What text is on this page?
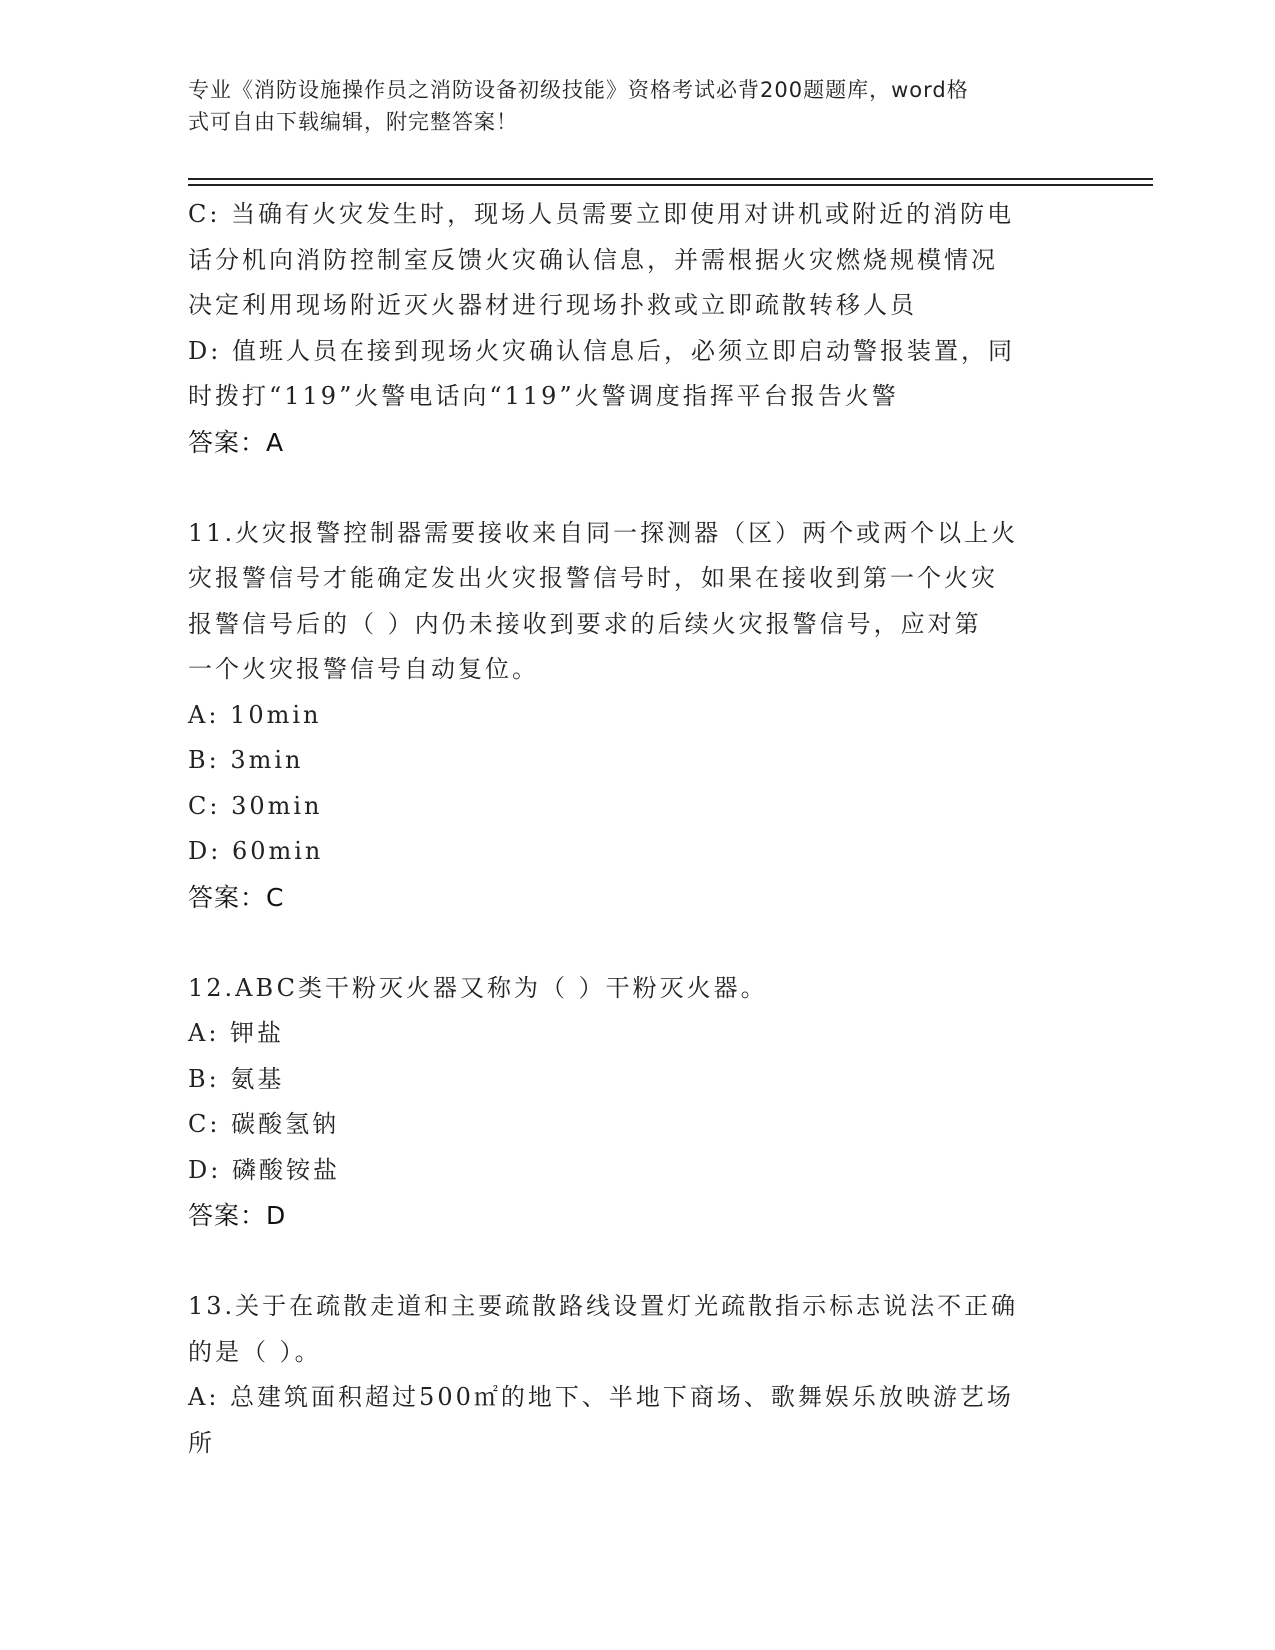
专业《消防设施操作员之消防设备初级技能》资格考试必背200题题库，word格
式可自由下载编辑，附完整答案！
C: 当确有火灾发生时，现场人员需要立即使用对讲机或附近的消防电
话分机向消防控制室反馈火灾确认信息，并需根据火灾燃烧规模情况
决定利用现场附近灭火器材进行现场扑救或立即疏散转移人员
D: 值班人员在接到现场火灾确认信息后，必须立即启动警报装置，同
时拨打“119”火警电话向“119”火警调度指挥平台报告火警
答案：A
11.火灾报警控制器需要接收来自同一探测器（区）两个或两个以上火
灾报警信号才能确定发出火灾报警信号时，如果在接收到第一个火灾
报警信号后的（ ）内仍未接收到要求的后续火灾报警信号，应对第
一个火灾报警信号自动复位。
A: 10min
B: 3min
C: 30min
D: 60min
答案：C
12.ABC类干粉灭火器又称为（ ）干粉灭火器。
A: 钾盐
B: 氨基
C: 碳酸氢钠
D: 磷酸铵盐
答案：D
13.关于在疏散走道和主要疏散路线设置灯光疏散指示标志说法不正确
的是（ ）。
A: 总建筑面积超过500㎡的地下、半地下商场、歌舞娱乐放映游艺场
所
